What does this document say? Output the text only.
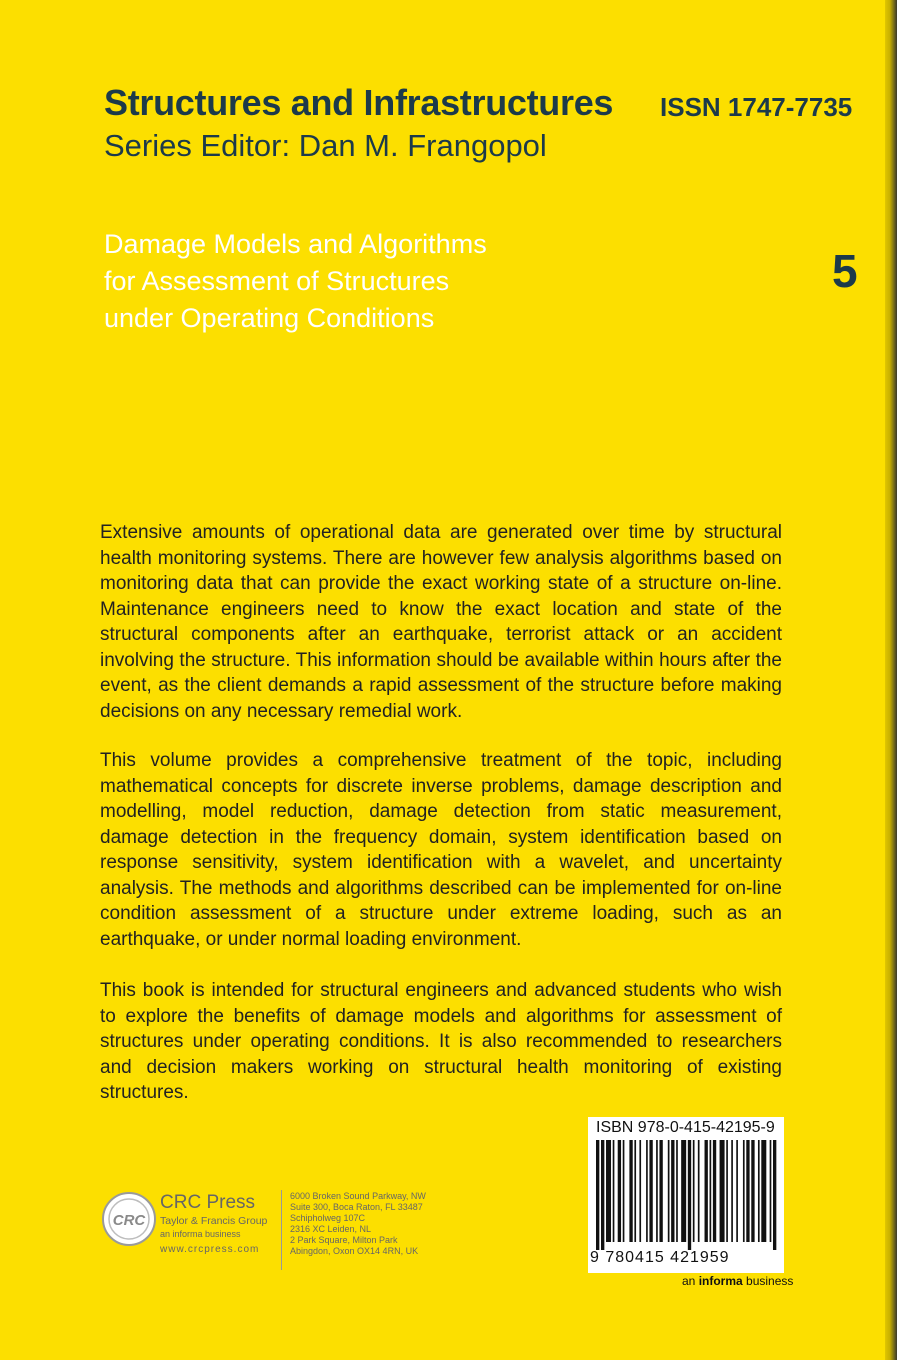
Structures and Infrastructures ISSN 1747-7735
Series Editor: Dan M. Frangopol
Damage Models and Algorithms
for Assessment of Structures
under Operating Conditions
5

Extensive amounts of operational data are generated over time by structural health monitoring systems. There are however few analysis algorithms based on monitoring data that can provide the exact working state of a structure on-line. Maintenance engineers need to know the exact location and state of the structural components after an earthquake, terrorist attack or an accident involving the structure. This information should be available within hours after the event, as the client demands a rapid assessment of the structure before making decisions on any necessary remedial work.

This volume provides a comprehensive treatment of the topic, including mathematical concepts for discrete inverse problems, damage description and modelling, model reduction, damage detection from static measurement, damage detection in the frequency domain, system identification based on response sensitivity, system identification with a wavelet, and uncertainty analysis. The methods and algorithms described can be implemented for on-line condition assessment of a structure under extreme loading, such as an earthquake, or under normal loading environment.

This book is intended for structural engineers and advanced students who wish to explore the benefits of damage models and algorithms for assessment of structures under operating conditions. It is also recommended to researchers and decision makers working on structural health monitoring of existing structures.

ISBN 978-0-415-42195-9
9 780415 421959
an informa business
CRC
CRC Press
Taylor & Francis Group
an informa business
www.crcpress.com
6000 Broken Sound Parkway, NW
Suite 300, Boca Raton, FL 33487
Schipholweg 107C
2316 XC Leiden, NL
2 Park Square, Milton Park
Abingdon, Oxon OX14 4RN, UK
